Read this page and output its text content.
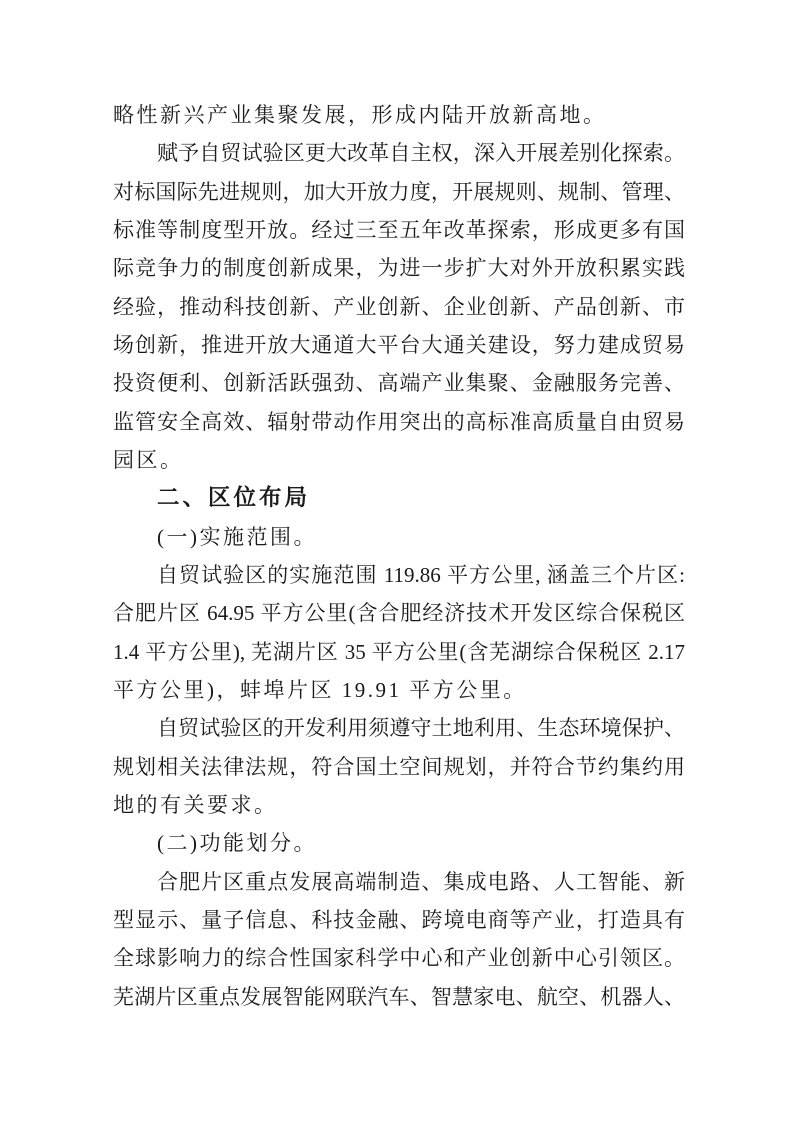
略性新兴产业集聚发展，形成内陆开放新高地。
赋予自贸试验区更大改革自主权，深入开展差别化探索。
对标国际先进规则，加大开放力度，开展规则、规制、管理、
标准等制度型开放。经过三至五年改革探索，形成更多有国
际竞争力的制度创新成果，为进一步扩大对外开放积累实践
经验，推动科技创新、产业创新、企业创新、产品创新、市
场创新，推进开放大通道大平台大通关建设，努力建成贸易
投资便利、创新活跃强劲、高端产业集聚、金融服务完善、
监管安全高效、辐射带动作用突出的高标准高质量自由贸易
园区。
二、区位布局
(一)实施范围。
自贸试验区的实施范围 119.86 平方公里, 涵盖三个片区:
合肥片区 64.95 平方公里(含合肥经济技术开发区综合保税区
1.4 平方公里), 芜湖片区 35 平方公里(含芜湖综合保税区 2.17
平方公里)，蚌埠片区 19.91 平方公里。
自贸试验区的开发利用须遵守土地利用、生态环境保护、
规划相关法律法规，符合国土空间规划，并符合节约集约用
地的有关要求。
(二)功能划分。
合肥片区重点发展高端制造、集成电路、人工智能、新
型显示、量子信息、科技金融、跨境电商等产业，打造具有
全球影响力的综合性国家科学中心和产业创新中心引领区。
芜湖片区重点发展智能网联汽车、智慧家电、航空、机器人、
